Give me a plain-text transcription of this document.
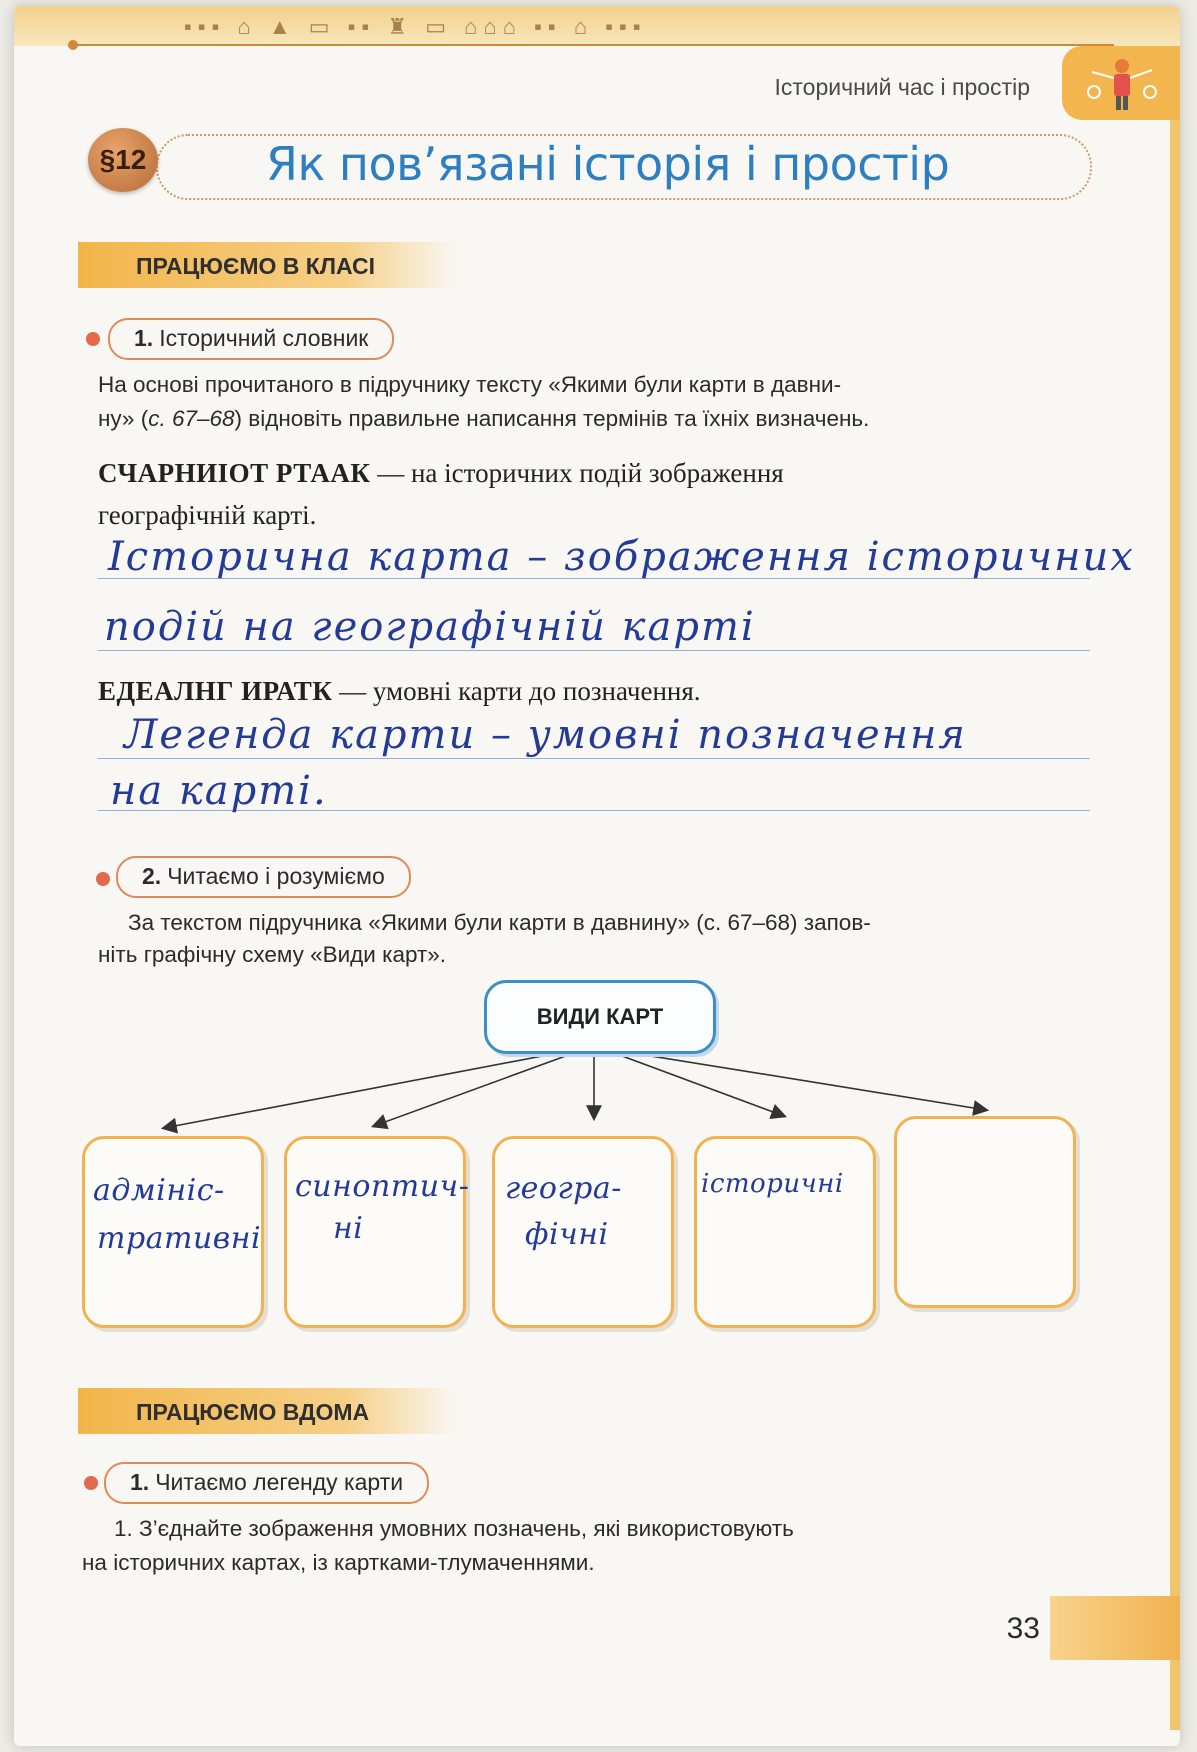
▪▪▪ ⌂ ▲ ▭ ▪▪ ♜ ▭ ⌂⌂⌂ ▪▪ ⌂ ▪▪▪
Історичний час і простір
§12	Як пов’язані історія і простір
ПРАЦЮЄМО В КЛАСІ
1. Історичний словник
На основі прочитаного в підручнику тексту «Якими були карти в давни-
ну» (с. 67–68) відновіть правильне написання термінів та їхніх визначень.
СЧАРНИІОТ РТААК — на історичних подій зображення
географічній карті.
Історична карта – зображення історичних
подій на географічній карті
ЕДЕАЛНГ ИРАТК — умовні карти до позначення.
Легенда карти – умовні позначення
на карті.
2. Читаємо і розуміємо
За текстом підручника «Якими були карти в давнину» (с. 67–68) запов-
ніть графічну схему «Види карт».
ВИДИ КАРТ
адмініс-
тративні
синоптич-
ні
геогра-
фічні
історичні
ПРАЦЮЄМО ВДОМА
1. Читаємо легенду карти
1. З’єднайте зображення умовних позначень, які використовують
на історичних картах, із картками-тлумаченнями.
33
